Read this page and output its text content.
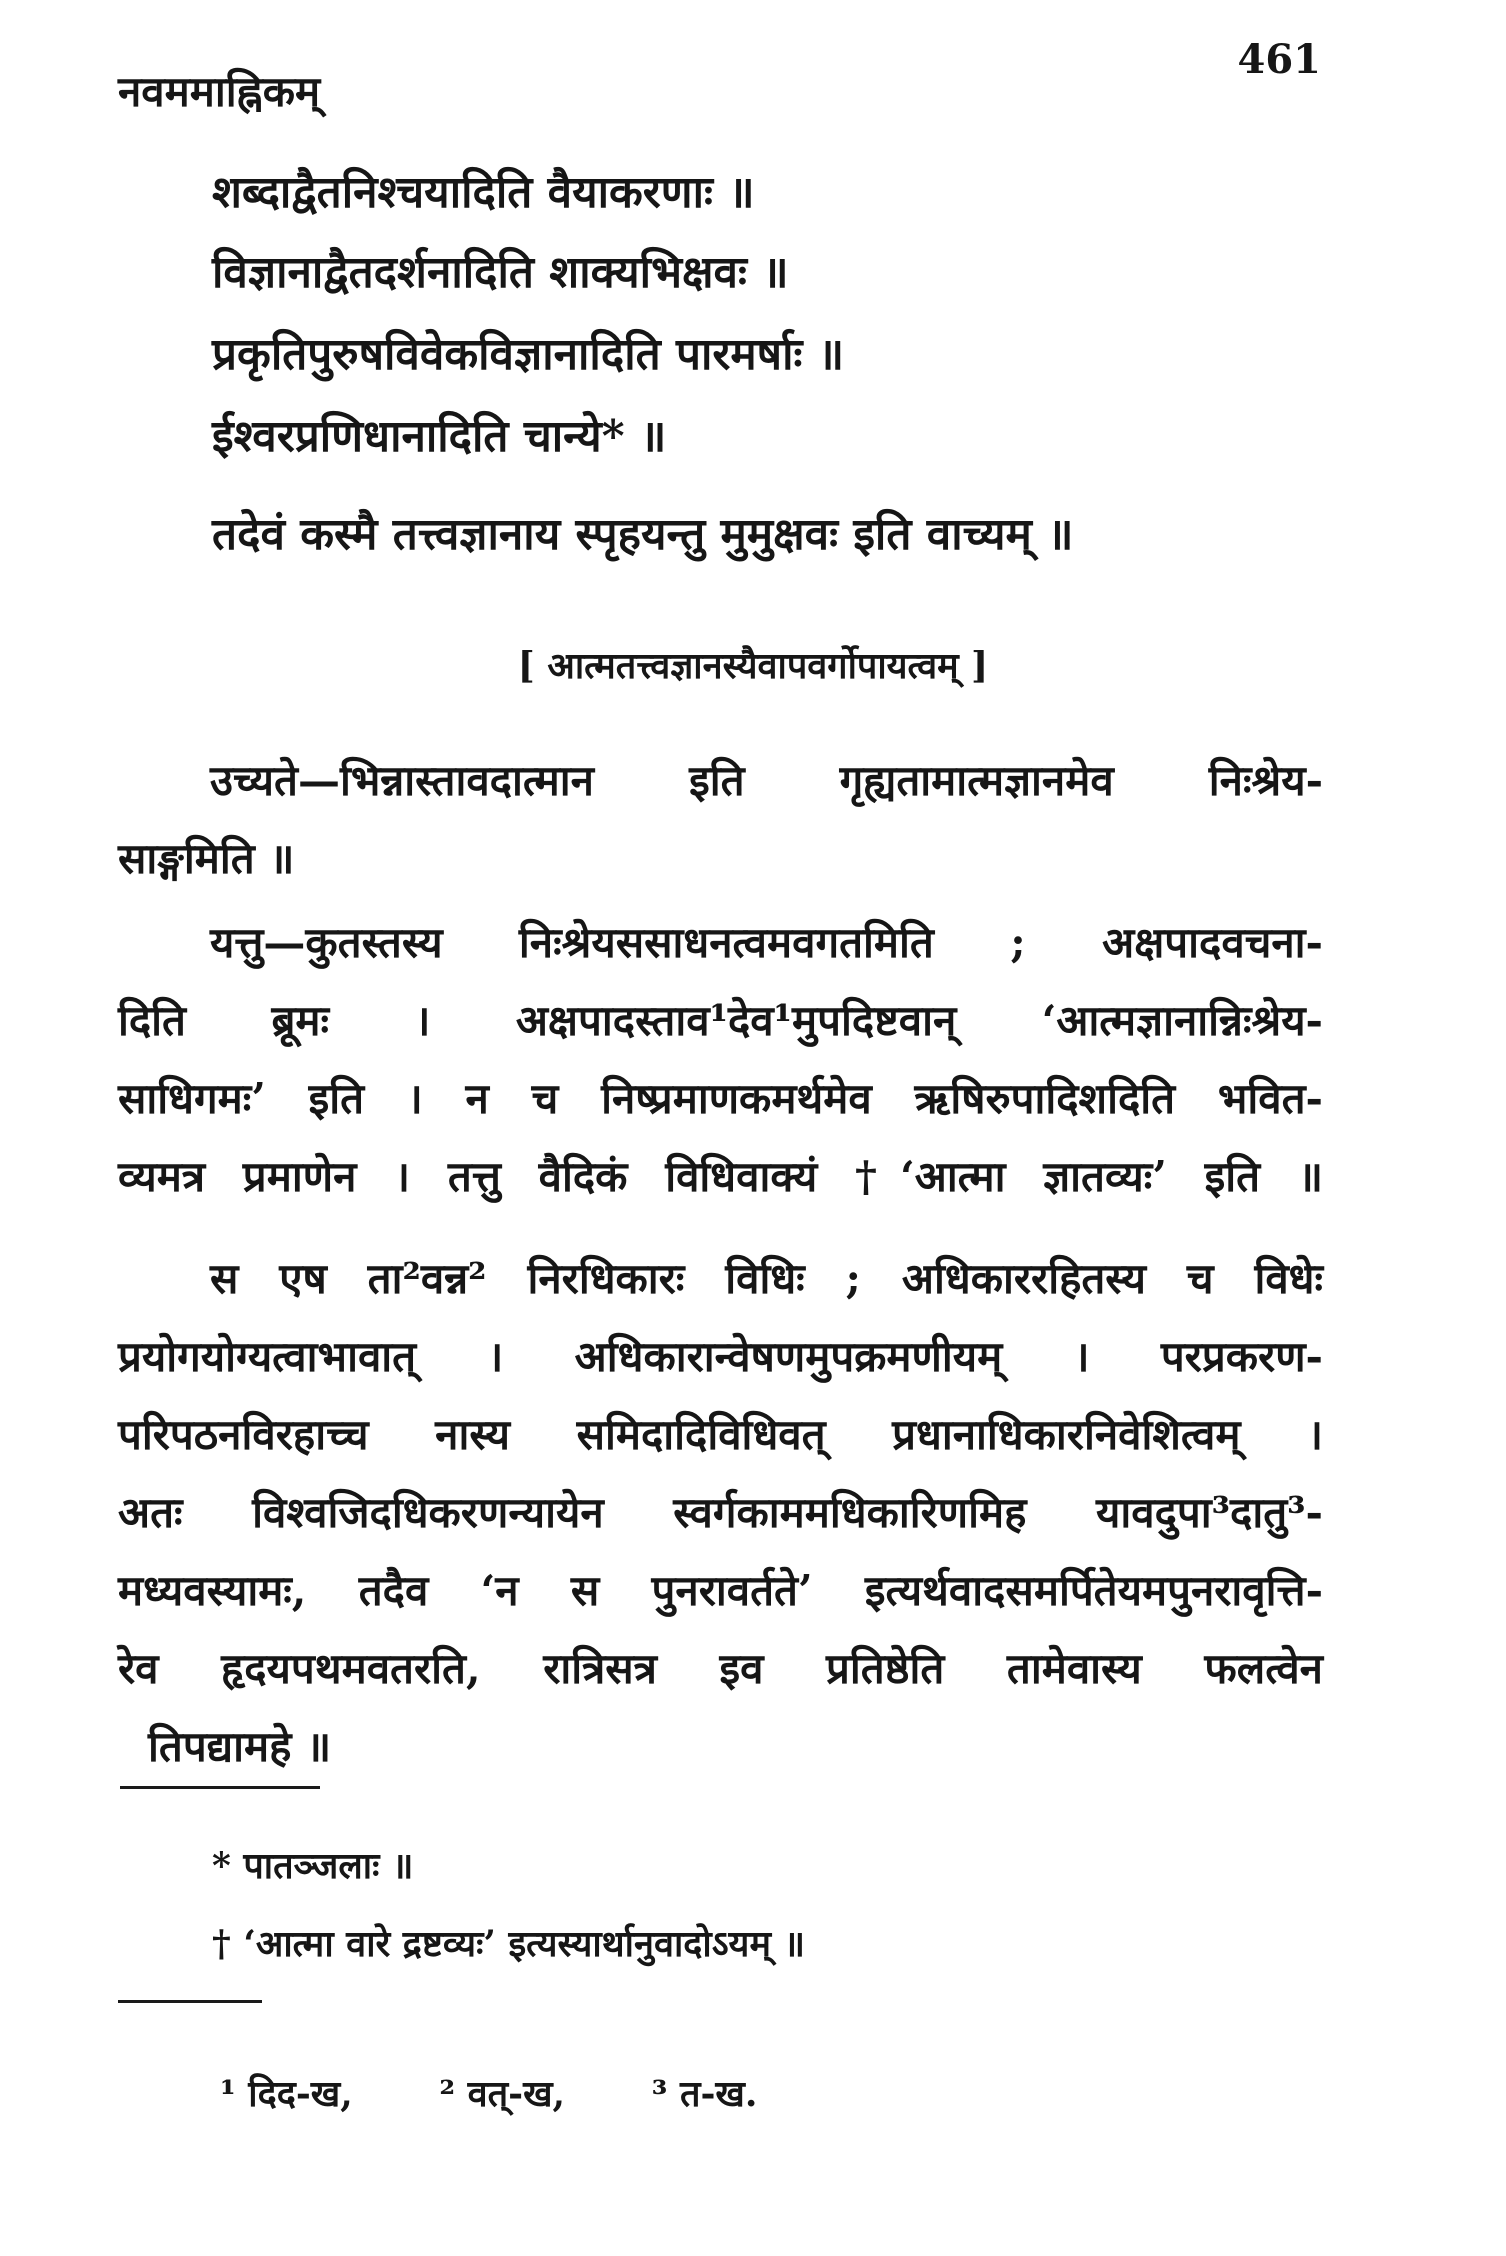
नवममाह्निकम्
461
शब्दाद्वैतनिश्चयादिति वैयाकरणाः ॥
विज्ञानाद्वैतदर्शनादिति शाक्यभिक्षवः ॥
प्रकृतिपुरुषविवेकविज्ञानादिति पारमर्षाः ॥
ईश्वरप्रणिधानादिति चान्ये* ॥
तदेवं कस्मै तत्त्वज्ञानाय स्पृहयन्तु मुमुक्षवः इति वाच्यम् ॥
[ आत्मतत्त्वज्ञानस्यैवापवर्गोपायत्वम् ]
उच्यते—भिन्नास्तावदात्मान इति गृह्यतामात्मज्ञानमेव निःश्रेय-
साङ्गमिति ॥
यत्तु—कुतस्तस्य निःश्रेयससाधनत्वमवगतमिति ; अक्षपादवचना-
दिति ब्रूमः । अक्षपादस्ताव¹देव¹मुपदिष्टवान् ‘आत्मज्ञानान्निःश्रेय-
साधिगमः’ इति । न च निष्प्रमाणकमर्थमेव ऋषिरुपादिशदिति भवित-
व्यमत्र प्रमाणेन । तत्तु वैदिकं विधिवाक्यं †‘आत्मा ज्ञातव्यः’ इति ॥
स एष ता²वन्न² निरधिकारः विधिः ; अधिकाररहितस्य च विधेः
प्रयोगयोग्यत्वाभावात् । अधिकारान्वेषणमुपक्रमणीयम् । परप्रकरण-
परिपठनविरहाच्च नास्य समिदादिविधिवत् प्रधानाधिकारनिवेशित्वम् ।
अतः विश्वजिदधिकरणन्यायेन स्वर्गकाममधिकारिणमिह यावदुपा³दातु³-
मध्यवस्यामः, तदैव ‘न स पुनरावर्तते’ इत्यर्थवादसमर्पितेयमपुनरावृत्ति-
रेव हृदयपथमवतरति, रात्रिसत्र इव प्रतिष्ठेति तामेवास्य फलत्वेन
तिपद्यामहे ॥
* पातञ्जलाः ॥
† ‘आत्मा वारे द्रष्टव्यः’ इत्यस्यार्थानुवादोऽयम् ॥
¹ दिद-ख, ² वत्-ख, ³ त-ख.
